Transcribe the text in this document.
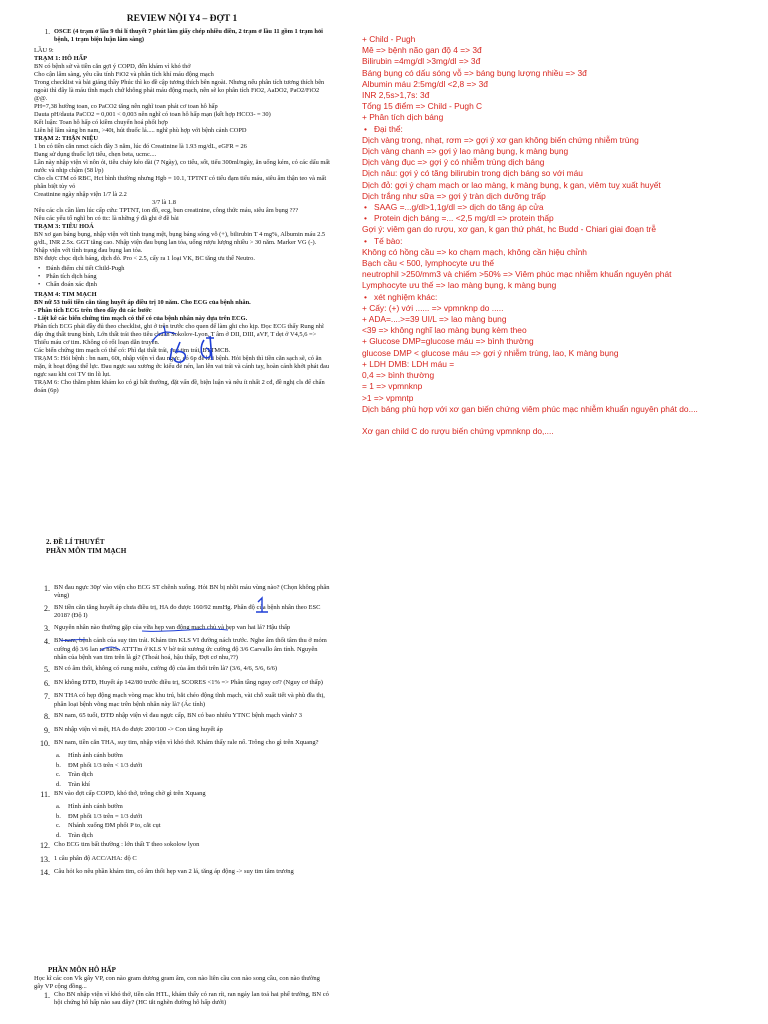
REVIEW NỘI Y4 – ĐỢT 1
1. OSCE (4 trạm ở lầu 9 thi lí thuyết 7 phút làm giấy chép nhiều điền, 2 trạm ở lầu 11 gồm 1 trạm hỏi bệnh, 1 trạm biện luận lâm sàng)
LẦU 9:
TRẠM 1: HÔ HẤP
BN có bệnh sử và tiền căn gợi ý COPD, đến khám vì khó thở
Cho cận lâm sàng, yêu cầu tính FiO2 và phân tích khí máu động mạch
Trong checklist và bài giảng thầy Phúc thì ko đề cập tương thích bên ngoài. Nhưng nếu phân tích tương thích bên ngoài thì đây là máu tĩnh mạch chứ không phải máu động mạch, nên sẽ ko phân tích FiO2, AaDO2, PaO2/FiO2 @@.
PH=7,38 hướng toan, co PaCO2 tăng nên nghĩ toan phát cơ toan hô hấp
Dauta pH/dauta PaCO2 = 0,001 < 0,003 nên nghĩ có toan hô hấp mạn (kết hợp HCO3- = 30)
Kết luận: Toan hô hấp có kiềm chuyển hoá phối hợp
Liên hệ lâm sàng bn nam, >40t, hút thuốc lá..... nghĩ phù hợp với bệnh cảnh COPD
TRẠM 2: THẬN NIỆU
1 bn có tiền căn nmct cách đây 3 năm, lúc đó Creatinine là 1.93 mg/dL, eGFR = 26
Đang sử dụng thuốc lợi tiểu, chẹn beta, ucmc....
Lần này nhập viện vì nôn ói, tiêu chảy kéo dài (7 Ngày), co tiểu, sốt, tiểu 300ml/ngày, ăn uống kém, có các dấu mất nước và nhịp chậm (58 l/p)
Cho cls CTM có RBC, Hct bình thường nhưng Hgb = 10.1, TPTNT có tiểu đạm tiểu máu, siêu âm thận teo và mất phân biệt tủy vỏ
Creatinine ngày nhập viện 1/7 là 2.2
3/7 là 1.8
Nêu các cls cần làm lúc cấp cứu: TPTNT, ion đồ, ecg, bun creatinine, công thức máu, siêu âm bụng ???
Nêu các yếu tố nghĩ bn có ttc: là những ý đã ghi ở đề bài
TRẠM 3: TIÊU HOÁ
BN xơ gan báng bụng, nhập viện với tình trạng mệt, bụng báng sóng vỗ (+), bilirubin T 4 mg%, Albumin máu 2.5 g/dL, INR 2.5x. GGT tăng cao. Nhập viện đau bụng lan tỏa, uống rượu lượng nhiều > 30 năm. Marker VG (-). Nhập viện với tình trạng đau bụng lan tỏa.
BN được chọc dịch báng, dịch đỏ. Pro < 2.5, cấy ra 1 loại VK, BC tăng ưu thế Neutro.
• Đánh điểm chỉ tiết Child-Pugh
• Phân tích dịch báng
• Chẩn đoán xác định
TRẠM 4: TIM MẠCH
BN nữ 53 tuổi tiền căn tăng huyết áp điều trị 10 năm. Cho ECG của bệnh nhân.
- Phân tích ECG trên theo đầy đủ các bước
- Liệt kê các biến chứng tim mạch có thể có của bệnh nhân này dựa trên ECG.
Phân tích ECG phải đầy đủ theo checklist, ghi ở trên trước cho quen để làm ghi cho kịp. Đọc ECG thấy Rung nhĩ đáp ứng thất trung bình, Lớn thất trái theo tiêu chuẩn Sokolov-Lyon, T âm ở DII, DIII, aVF, T dẹt ở V4,5,6 => Thiếu máu cơ tim. Không có rối loạn dẫn truyền.
Các biến chứng tim mạch có thể có: Phì đại thất trái, suy tim trái, BTTMCB.
TRẠM 5: Hỏi bệnh : bn nam, 60t, nhập viện vì đau ngực, có 6p để hỏi bệnh. Hỏi bệnh thì tiền căn sạch sẽ, có ăn mặn, ít hoạt động thể lực. Đau ngực sau xương ức kiểu đè nén, lan lên vai trái và cánh tay, hoàn cảnh khởi phát đau ngực sau khi coi TV tin lũ lụt.
TRẠM 6: Cho thăm phim khám ko có gì bất thường, đặt vấn đề, biện luận và nêu ít nhất 2 cđ, đề nghị cls để chẩn đoán (6p)
2. ĐỀ LÍ THUYẾT
PHẦN MÔN TIM MẠCH
1. BN đau ngực 30p' vào viện cho ECG ST chênh xuống. Hỏi BN bị nhồi máu vùng nào? (Chọn không phân vùng)
2. BN tiền căn tăng huyết áp chưa điều trị, HA đo được 160/92 mmHg. Phân độ của bệnh nhân theo ESC 2018? (Độ I)
3. Nguyên nhân nào thường gặp của vữa hẹp van động mạch chủ và hẹp van hai lá? Hậu thấp
4. BN nam, bệnh cảnh của suy tim trái. Khám tim KLS VI đường nách trước. Nghe âm thổi tâm thu ở mỏm cường độ 3/6 lan ra nách. ATTTm ở KLS V bờ trái xương ức cường độ 3/6 Carvallo âm tính. Nguyên nhân của bệnh van tim trên là gì? (Thoái hoá, hậu thấp, Đợt cơ nhu,??)
5. BN có âm thổi, không có rung miêu, cường độ của âm thổi trên là? (3/6, 4/6, 5/6, 6/6)
6. BN không ĐTĐ, Huyết áp 142/80 trước điều trị, SCORES <1% => Phân tầng nguy cơ? (Nguy cơ thấp)
7. BN THA có hẹp động mạch vòng mạc khu trú, bắt chéo động tĩnh mạch, vài chỗ xuất tiết và phù đĩa thị, phân loại bệnh võng mạc trên bệnh nhân này là? (Ác tính)
8. BN nam, 65 tuổi, ĐTĐ nhập viện vì đau ngực cấp, BN có bao nhiêu YTNC bệnh mạch vành? 3
9. BN nhập viện vì mệt, HA đo được 200/100 -> Con tăng huyết áp
10. BN nam, tiền căn THA, suy tim, nhập viện vì khó thở. Khám thấy rale nổ. Trông cho gì trên Xquang?
a.	Hình ảnh cánh bướm
b.	ĐM phổi 1/3 trên < 1/3 dưới
c.	Tràn dịch
d.	Tràn khí
11. BN vào đợt cấp COPD, khó thở, trông chờ gì trên Xquang
a.	Hình ảnh cánh bướm
b.	ĐM phổi 1/3 trên = 1/3 dưới
c.	Nhánh xuống ĐM phổi P to, cắt cụt
d.	Tràn dịch
12. Cho ECG tim bất thường : lớn thất T theo sokolow lyon
13. 1 câu phân độ ACC/AHA: độ C
14. Câu hỏi ko nêu phần khám tim, có âm thổi hẹp van 2 lá, tăng áp động -> suy tim tâm trương
PHẦN MÔN HÔ HẤP
Học kĩ các con Vk gây VP, con nào gram dương gram âm, con nào liên cầu con nào song cầu, con nào thường gây VP cộng đồng...
1. Cho BN nhập viện vì khó thở, tiền căn HTL, khám thấy có ran rít, ran ngáy lan toả hai phế trường, BN có hội chứng hô hấp nào sau đây? (HC tắt nghẽn đường hô hấp dưới)
+ Child - Pugh
Mê => bệnh não gan độ 4 => 3đ
Bilirubin =4mg/dl >3mg/dl => 3đ
Báng bụng có dấu sóng vỗ => báng bụng lượng nhiều => 3đ
Albumin máu 2:5mg/dl <2,8 => 3đ
INR 2,5s>1,7s: 3đ
Tổng 15 điểm => Child - Pugh C
+ Phân tích dịch báng
• Đại thể:
Dịch vàng trong, nhạt, rơm => gợi ý xơ gan không biến chứng nhiễm trùng
Dịch vàng chanh => gợi ý lao màng bụng, k màng bụng
Dịch vàng đục => gợi ý có nhiễm trùng dịch báng
Dịch nâu: gợi ý có tăng bilirubin trong dịch báng so với máu
Dịch đỏ: gợi ý chạm mạch or lao màng, k màng bụng, k gan, viêm tuỵ xuất huyết
Dịch trắng như sữa => gợi ý tràn dịch dưỡng trấp
• SAAG =...g/dl>1,1g/dl => dịch do tăng áp cửa
• Protein dịch báng =... <2,5 mg/dl => protein thấp
Gợi ý: viêm gan do rượu, xơ gan, k gan thứ phát, hc Budd - Chiari giai đoạn trễ
• Tế bào:
Không có hồng cầu => ko chạm mạch, không cần hiệu chỉnh
Bạch cầu < 500, lymphocyte ưu thế
neutrophil >250/mm3 và chiếm >50% => Viêm phúc mạc nhiễm khuẩn nguyên phát
Lymphocyte ưu thế => lao màng bụng, k màng bụng
• xét nghiệm khác:
+ Cấy: (+) với ...... => vpmnknp do .....
+ ADA=....>=39 UI/L => lao màng bụng
<39 => không nghĩ lao màng bụng kèm theo
+ Glucose DMP=glucose máu => bình thường
glucose DMP < glucose máu => gợi ý nhiễm trùng, lao, K màng bụng
+ LDH DMB: LDH máu =
0,4 => bình thường
= 1 => vpmnknp
>1 => vpmntp
Dịch báng phù hợp với xơ gan biến chứng viêm phúc mạc nhiễm khuẩn nguyên phát do....
Xơ gan child C do rượu biến chứng vpmnknp do,....
